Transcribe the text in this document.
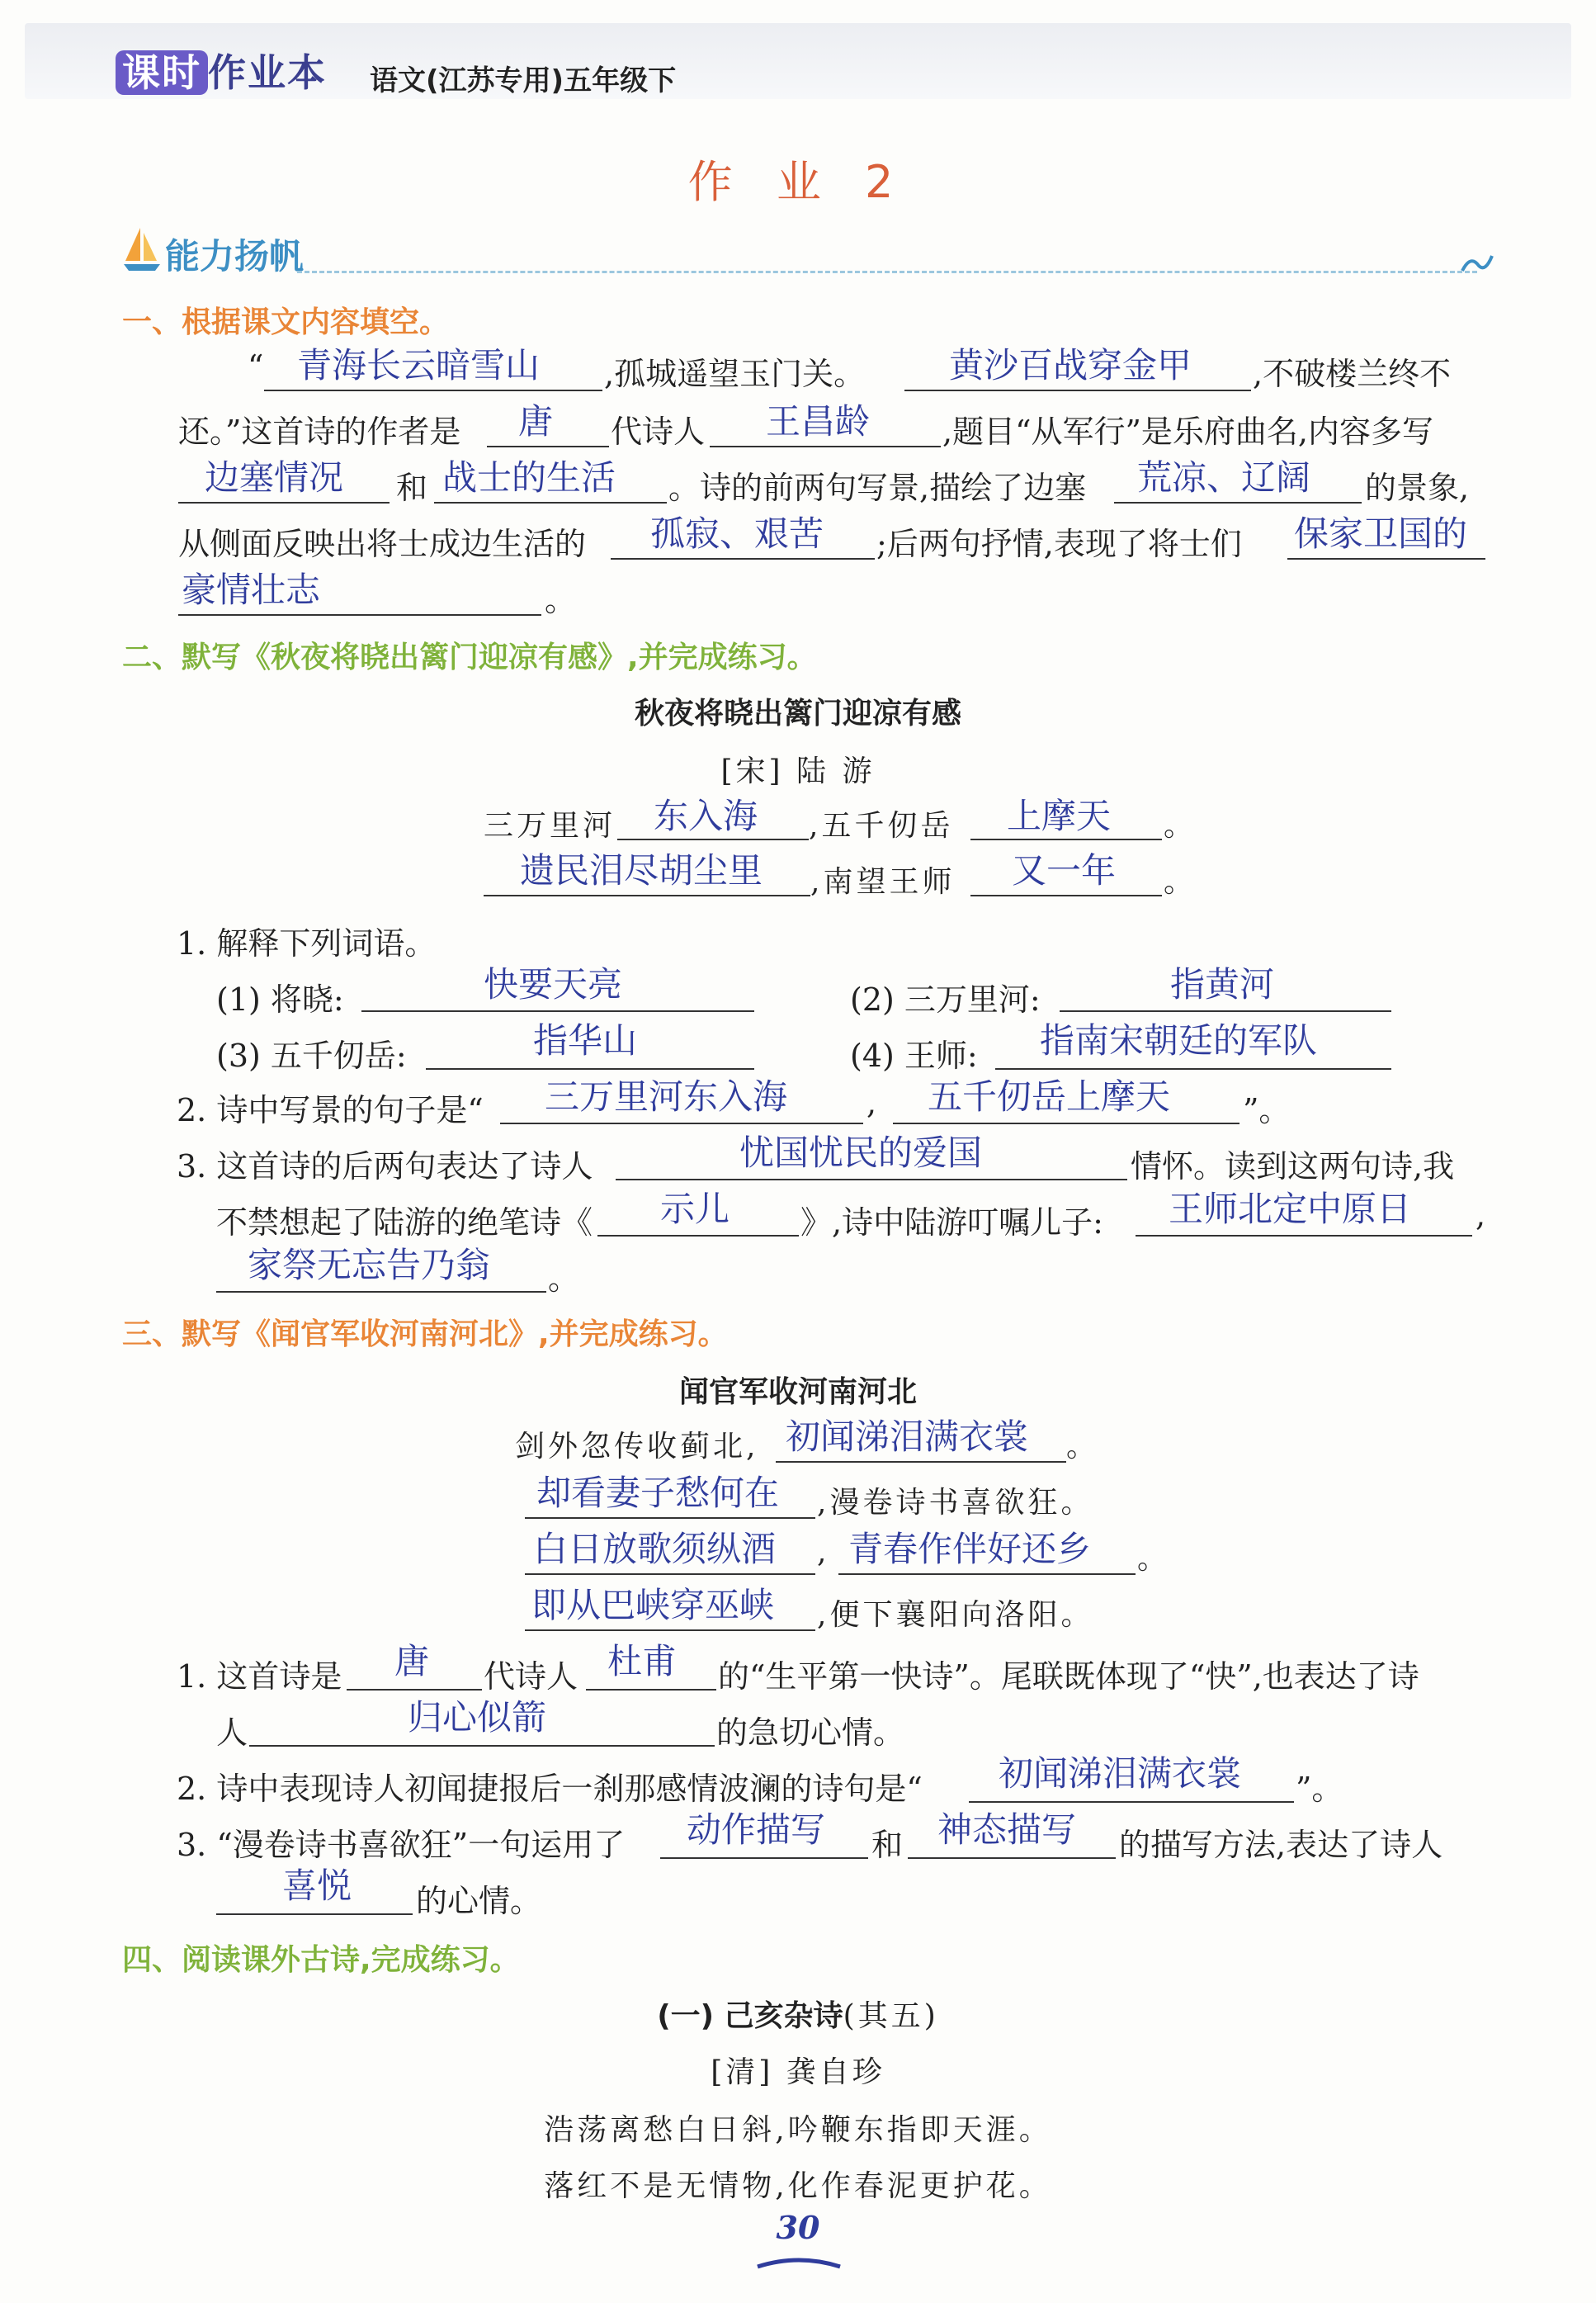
课时 作业本 语文(江苏专用)五年级下
作 业 2
能力扬帆
一、根据课文内容填空。
“ 青海长云暗雪山 ,孤城遥望玉门关。 黄沙百战穿金甲 ,不破楼兰终不
还。”这首诗的作者是 唐 代诗人 王昌龄 ,题目“从军行”是乐府曲名,内容多写
边塞情况 和 战士的生活 。诗的前两句写景,描绘了边塞 荒凉、辽阔 的景象,
从侧面反映出将士成边生活的 孤寂、艰苦 ;后两句抒情,表现了将士们 保家卫国的
豪情壮志	。
二、默写《秋夜将晓出篱门迎凉有感》,并完成练习。
秋夜将晓出篱门迎凉有感
[宋] 陆 游
三万里河 东入海 ,五千仞岳 上摩天 。
遗民泪尽胡尘里 ,南望王师 又一年 。
1. 解释下列词语。
(1) 将晓:	快要天亮	(2) 三万里河:	指黄河
(3) 五千仞岳:	指华山	(4) 王师: 指南宋朝廷的军队
2. 诗中写景的句子是“ 三万里河东入海	, 五千仞岳上摩天 ”。
3. 这首诗的后两句表达了诗人	忧国忧民的爱国	情怀。读到这两句诗,我
不禁想起了陆游的绝笔诗《 示儿 》,诗中陆游叮嘱儿子: 王师北定中原日 ,
家祭无忘告乃翁 。
三、默写《闻官军收河南河北》,并完成练习。
闻官军收河南河北
剑外忽传收蓟北, 初闻涕泪满衣裳 。
却看妻子愁何在 ,漫卷诗书喜欲狂。
白日放歌须纵酒 , 青春作伴好还乡 。
即从巴峡穿巫峡 ,便下襄阳向洛阳。
1. 这首诗是 唐 代诗人 杜甫 的“生平第一快诗”。尾联既体现了“快”,也表达了诗
人	归心似箭	的急切心情。
2. 诗中表现诗人初闻捷报后一刹那感情波澜的诗句是“ 初闻涕泪满衣裳 ”。
3. “漫卷诗书喜欲狂”一句运用了 动作描写 和 神态描写 的描写方法,表达了诗人
喜悦 的心情。
四、阅读课外古诗,完成练习。
(一) 己亥杂诗(其五)
[清] 龚自珍
浩荡离愁白日斜,吟鞭东指即天涯。
落红不是无情物,化作春泥更护花。
30
